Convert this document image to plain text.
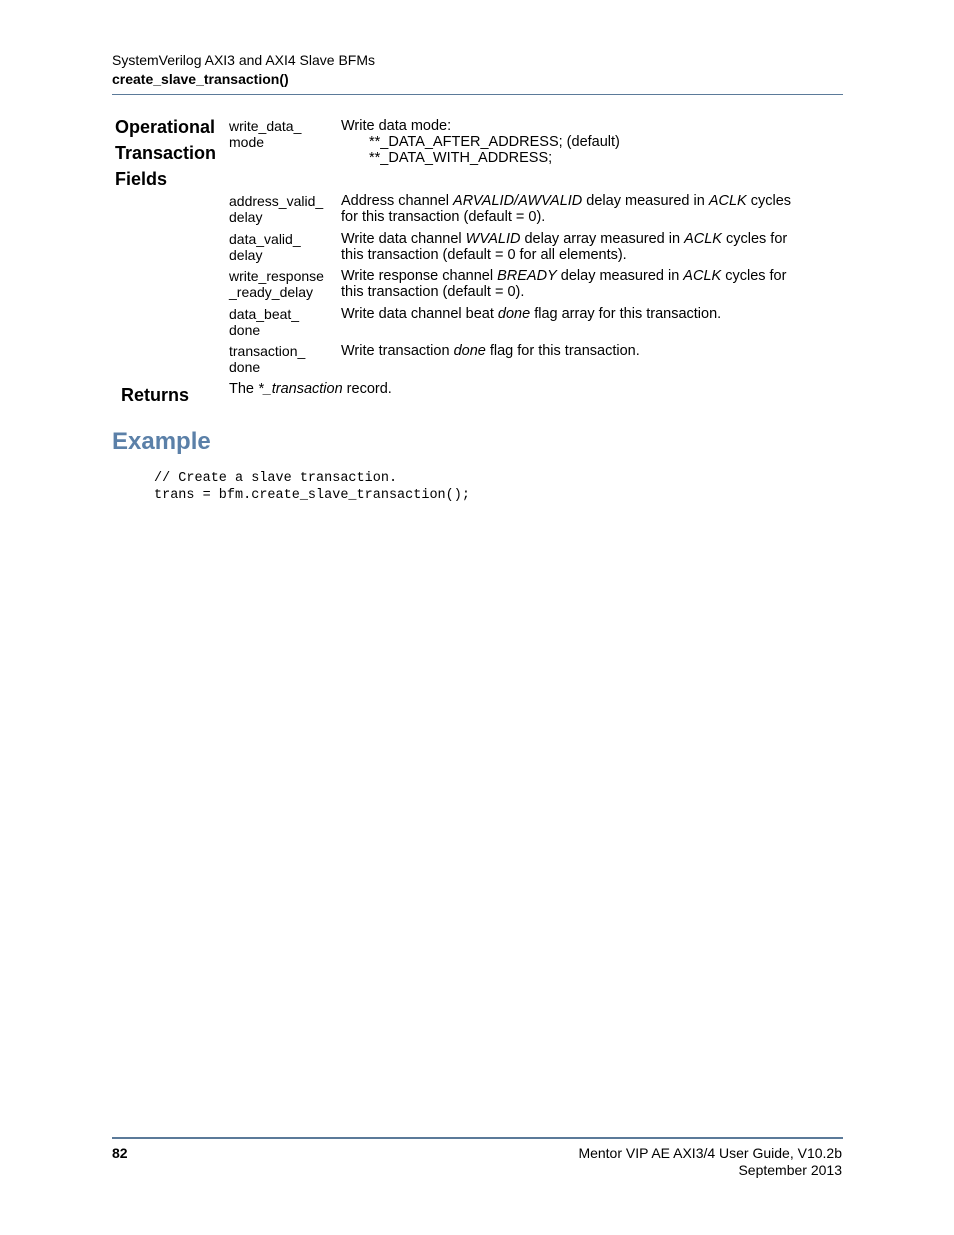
SystemVerilog AXI3 and AXI4 Slave BFMs
create_slave_transaction()
Operational
Transaction
Fields
write_data_
mode
Write data mode:
**_DATA_AFTER_ADDRESS; (default)
**_DATA_WITH_ADDRESS;
address_valid_
delay
Address channel ARVALID/AWVALID delay measured in ACLK cycles
for this transaction (default = 0).
data_valid_
delay
Write data channel WVALID delay array measured in ACLK cycles for
this transaction (default = 0 for all elements).
write_response
_ready_delay
Write response channel BREADY delay measured in ACLK cycles for
this transaction (default = 0).
data_beat_
done
Write data channel beat done flag array for this transaction.
transaction_
done
Write transaction done flag for this transaction.
Returns	The *_transaction record.
Example
// Create a slave transaction.
trans = bfm.create_slave_transaction();
82	Mentor VIP AE AXI3/4 User Guide, V10.2b
September 2013
